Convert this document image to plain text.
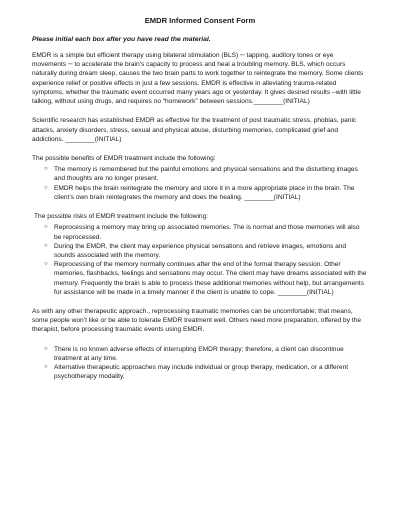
EMDR Informed Consent Form
Please initial each box after you have read the material.

EMDR is a simple but efficient therapy using bilateral stimulation (BLS) ─ tapping, auditory tones or eye movements ─ to accelerate the brain’s capacity to process and heal a troubling memory. BLS, which occurs naturally during dream sleep, causes the two brain parts to work together to reintegrate the memory. Some clients experience relief or positive effects in just a few sessions. EMDR is effective in alleviating trauma-related symptoms, whether the traumatic event occurred many years ago or yesterday. It gives desired results –with little talking, without using drugs, and requires no “homework” between sessions.________(INITIAL)

Scientific research has established EMDR as effective for the treatment of post traumatic stress, phobias, panic attacks, anxiety disorders, stress, sexual and physical abuse, disturbing memories, complicated grief and addictions. ________(INITIAL)

The possible benefits of EMDR treatment include the following:

○ The memory is remembered but the painful emotions and physical sensations and the disturbing images and thoughts are no longer present.
○ EMDR helps the brain reintegrate the memory and store it in a more appropriate place in the brain. The client’s own brain reintegrates the memory and does the healing. ________(INITIAL)

The possible risks of EMDR treatment include the following:

○ Reprocessing a memory may bring up associated memories. The is normal and those memories will also be reprocessed.
○ During the EMDR, the client may experience physical sensations and retrieve images, emotions and sounds associated with the memory.
○ Reprocessing of the memory normally continues after the end of the formal therapy session. Other memories, flashbacks, feelings and sensations may occur. The client may have dreams associated with the memory. Frequently the brain is able to process these additional memories without help, but arrangements for assistance will be made in a timely manner if the client is unable to cope. ________(INITIAL)

As with any other therapeutic approach., reprocessing traumatic memories can be uncomfortable; that means, some people won’t like or be able to tolerate EMDR treatment well. Others need more preparation, offered by the therapist, before processing traumatic events using EMDR.

○ There is no known adverse effects of interrupting EMDR therapy; therefore, a client can discontinue treatment at any time.
○ Alternative therapeutic approaches may include individual or group therapy, medication, or a different psychotherapy modality.
